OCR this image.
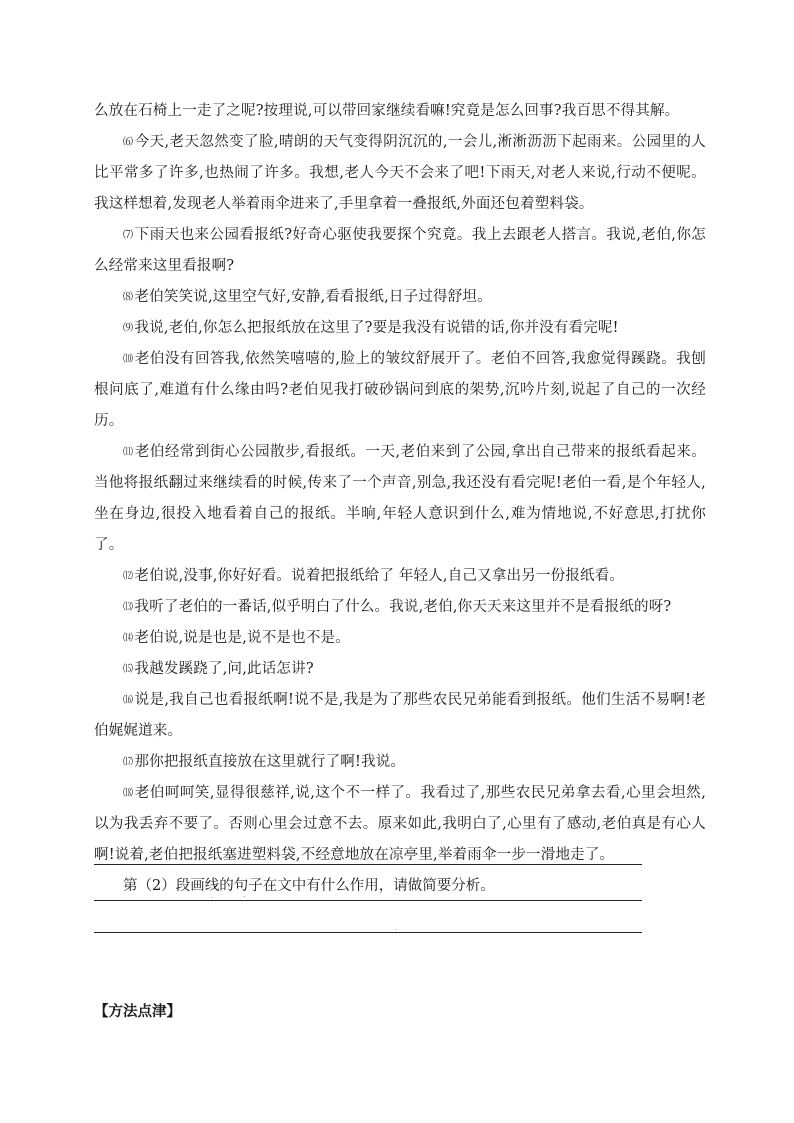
么放在石椅上一走了之呢?按理说,可以带回家继续看嘛!究竟是怎么回事?我百思不得其解。

⑹ 今天,老天忽然变了脸,晴朗的天气变得阴沉沉的,一会儿,淅淅沥沥下起雨来。公园里的人比平常多了许多,也热闹了许多。我想,老人今天不会来了吧!下雨天,对老人来说,行动不便呢。我这样想着,发现老人举着雨伞进来了,手里拿着一叠报纸,外面还包着塑料袋。

⑺ 下雨天也来公园看报纸?好奇心驱使我要探个究竟。我上去跟老人搭言。我说,老伯,你怎么经常来这里看报啊?

⑻ 老伯笑笑说,这里空气好,安静,看看报纸,日子过得舒坦。

⑼ 我说,老伯,你怎么把报纸放在这里了?要是我没有说错的话,你并没有看完呢!

⑽ 老伯没有回答我,依然笑嘻嘻的,脸上的皱纹舒展开了。老伯不回答,我愈觉得蹊跷。我刨根问底了,难道有什么缘由吗?老伯见我打破砂锅问到底的架势,沉吟片刻,说起了自己的一次经历。

⑾ 老伯经常到街心公园散步,看报纸。一天,老伯来到了公园,拿出自己带来的报纸看起来。当他将报纸翻过来继续看的时候,传来了一个声音,别急,我还没有看完呢!老伯一看,是个年轻人,坐在身边,很投入地看着自己的报纸。半晌,年轻人意识到什么,难为情地说,不好意思,打扰你了。

⑿ 老伯说,没事,你好好看。说着把报纸给了 年轻人,自己又拿出另一份报纸看。

⒀ 我听了老伯的一番话,似乎明白了什么。我说,老伯,你天天来这里并不是看报纸的呀?

⒁ 老伯说,说是也是,说不是也不是。

⒂ 我越发蹊跷了,问,此话怎讲?

⒃ 说是,我自己也看报纸啊!说不是,我是为了那些农民兄弟能看到报纸。他们生活不易啊!老伯娓娓道来。

⒄ 那你把报纸直接放在这里就行了啊!我说。

⒅ 老伯呵呵笑,显得很慈祥,说,这个不一样了。我看过了,那些农民兄弟拿去看,心里会坦然,以为我丢弃不要了。否则心里会过意不去。原来如此,我明白了,心里有了感动,老伯真是有心人啊!说着,老伯把报纸塞进塑料袋,不经意地放在凉亭里,举着雨伞一步一滑地走了。

第（2）段画线的句子在文中有什么作用，请做简要分析。

【方法点津】
